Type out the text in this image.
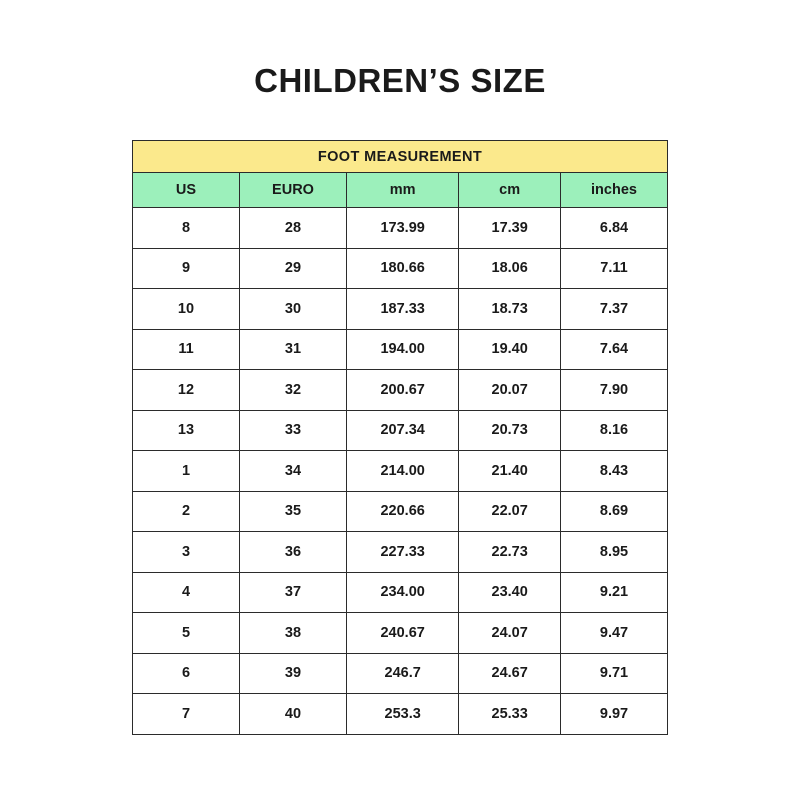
CHILDREN’S SIZE
FOOT MEASUREMENT				
US	EURO	mm	cm	inches
8	28	173.99	17.39	6.84
9	29	180.66	18.06	7.11
10	30	187.33	18.73	7.37
11	31	194.00	19.40	7.64
12	32	200.67	20.07	7.90
13	33	207.34	20.73	8.16
1	34	214.00	21.40	8.43
2	35	220.66	22.07	8.69
3	36	227.33	22.73	8.95
4	37	234.00	23.40	9.21
5	38	240.67	24.07	9.47
6	39	246.7	24.67	9.71
7	40	253.3	25.33	9.97
